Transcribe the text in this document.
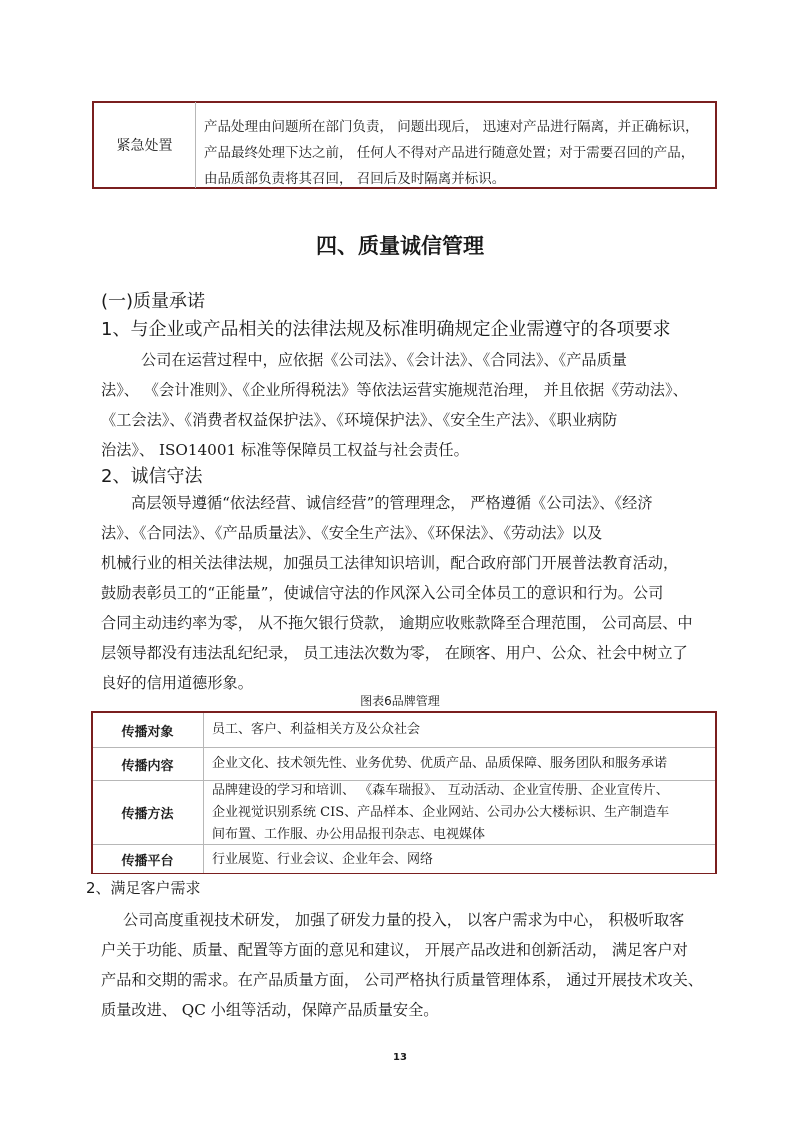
紧急处置
产品处理由问题所在部门负责， 问题出现后， 迅速对产品进行隔离，并正确标识，
产品最终处理下达之前， 任何人不得对产品进行随意处置；对于需要召回的产品，
由品质部负责将其召回， 召回后及时隔离并标识。
四、质量诚信管理
(一)质量承诺
1、与企业或产品相关的法律法规及标准明确规定企业需遵守的各项要求
公司在运营过程中，应依据《公司法》、《会计法》、《合同法》、《产品质量
法》、 《会计准则》、《企业所得税法》等依法运营实施规范治理， 并且依据《劳动法》、
《工会法》、《消费者权益保护法》、《环境保护法》、《安全生产法》、《职业病防
治法》、 ISO14001 标准等保障员工权益与社会责任。
2、诚信守法
高层领导遵循“依法经营、诚信经营”的管理理念， 严格遵循《公司法》、《经济
法》、《合同法》、《产品质量法》、《安全生产法》、《环保法》、《劳动法》以及
机械行业的相关法律法规，加强员工法律知识培训，配合政府部门开展普法教育活动，
鼓励表彰员工的“正能量”，使诚信守法的作风深入公司全体员工的意识和行为。公司
合同主动违约率为零， 从不拖欠银行贷款， 逾期应收账款降至合理范围， 公司高层、中
层领导都没有违法乱纪纪录， 员工违法次数为零， 在顾客、用户、公众、社会中树立了
良好的信用道德形象。
图表6品牌管理
传播对象	员工、客户、利益相关方及公众社会
传播内容	企业文化、技术领先性、业务优势、优质产品、品质保障、服务团队和服务承诺
传播方法
品牌建设的学习和培训、 《森车瑞报》、 互动活动、企业宣传册、企业宣传片、
企业视觉识别系统 CIS、产品样本、企业网站、公司办公大楼标识、生产制造车
间布置、工作服、办公用品报刊杂志、电视媒体
传播平台	行业展览、行业会议、企业年会、网络
2、满足客户需求
公司高度重视技术研发， 加强了研发力量的投入， 以客户需求为中心， 积极听取客
户关于功能、质量、配置等方面的意见和建议， 开展产品改进和创新活动， 满足客户对
产品和交期的需求。在产品质量方面， 公司严格执行质量管理体系， 通过开展技术攻关、
质量改进、 QC 小组等活动，保障产品质量安全。
13
